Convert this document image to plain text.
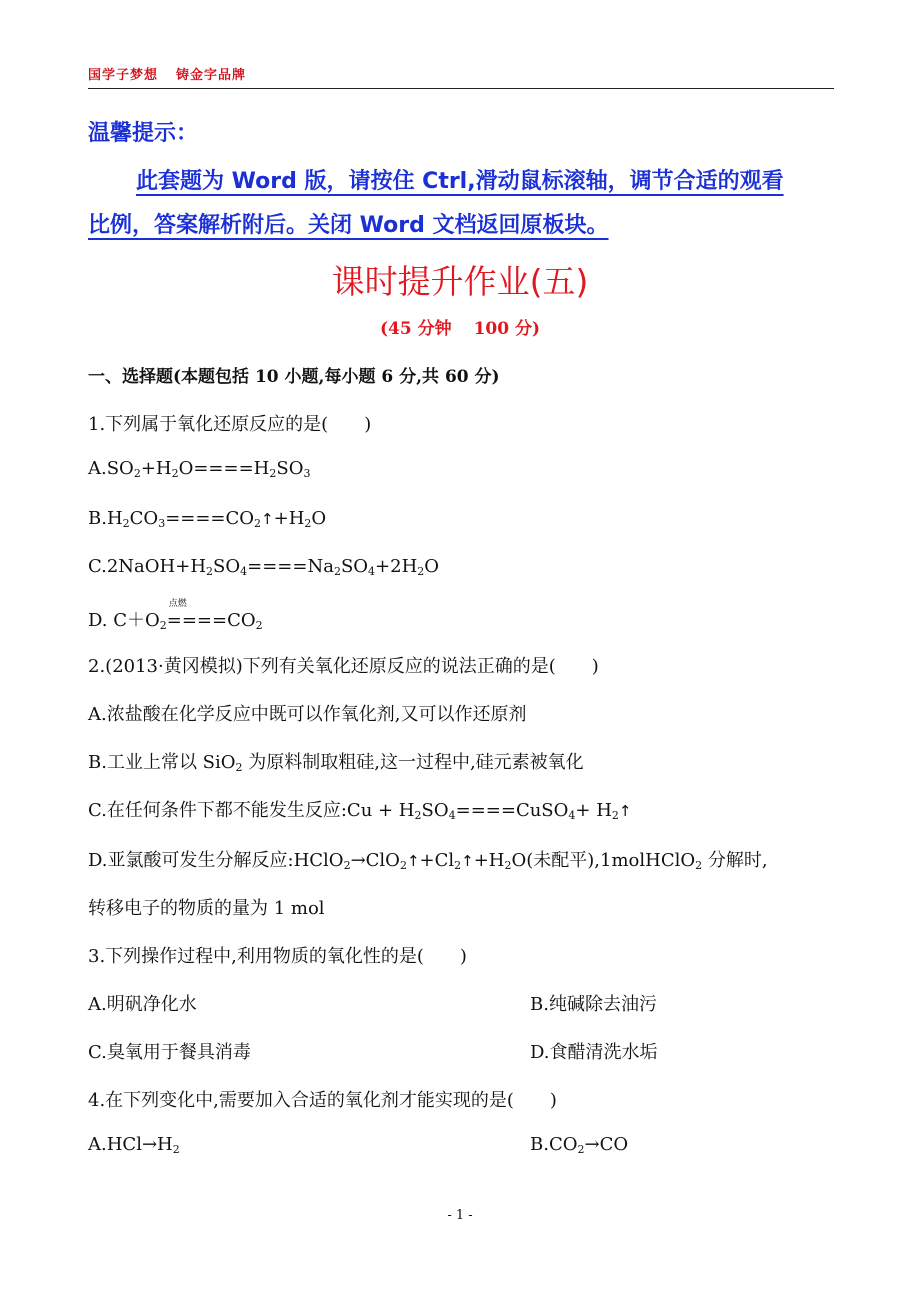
国学子梦想 铸金字品牌
温馨提示：
此套题为 Word 版，请按住 Ctrl,滑动鼠标滚轴，调节合适的观看
比例，答案解析附后。关闭 Word 文档返回原板块。
课时提升作业(五)
(45 分钟 100 分)
一、选择题(本题包括 10 小题,每小题 6 分,共 60 分)
1.下列属于氧化还原反应的是(　　)
$A.SO_2+H_2O====H_2SO_3$
$B.H_2CO_3====CO_2↑+H_2O$
$C.2NaOH+H_2SO_4====Na_2SO_4+2H_2O$
D. $C+O_2$
点燃
$====CO_2$
2.(2013·黄冈模拟)下列有关氧化还原反应的说法正确的是(　　)
A.浓盐酸在化学反应中既可以作氧化剂,又可以作还原剂
B.工业上常以 SiO$_2$ 为原料制取粗硅,这一过程中,硅元素被氧化
C.在任何条件下都不能发生反应:Cu + $H_2SO_4====CuSO_4+$ $H_2↑$
D.亚氯酸可发生分解反应$:HClO_2\to ClO_2↑+Cl_2↑+H_2O$(未配平),1molHClO$_2$ 分解时,
转移电子的物质的量为 1 mol
3.下列操作过程中,利用物质的氧化性的是(　　)
A.明矾净化水	B.纯碱除去油污
C.臭氧用于餐具消毒	D.食醋清洗水垢
4.在下列变化中,需要加入合适的氧化剂才能实现的是(　　)
$A.HCl\to H_2$	$B.CO_2\to CO$
- 1 -
